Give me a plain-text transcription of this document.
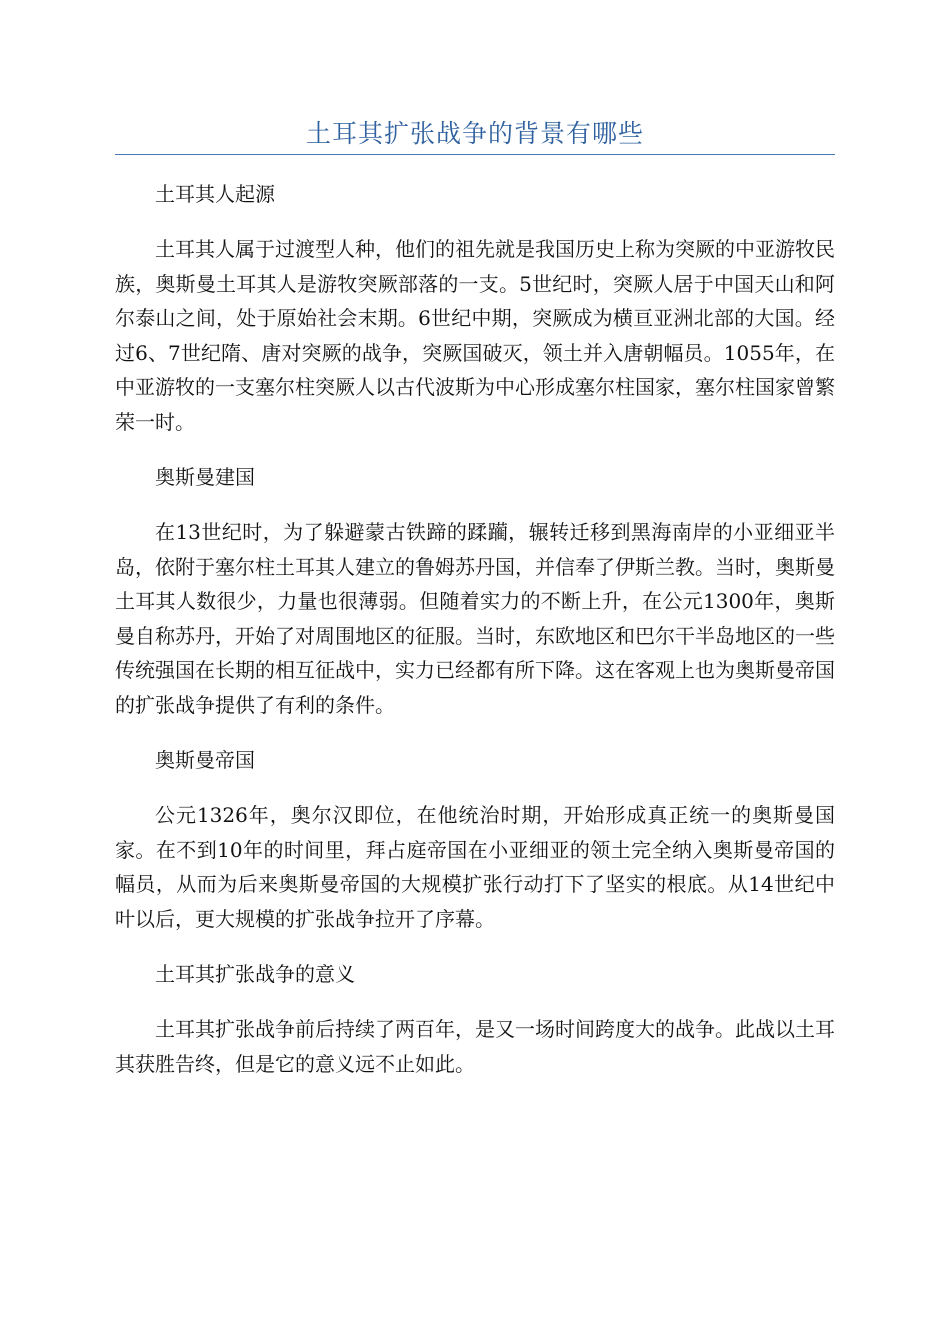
土耳其扩张战争的背景有哪些
土耳其人起源

土耳其人属于过渡型人种，他们的祖先就是我国历史上称为突厥的中亚游牧民族，奥斯曼土耳其人是游牧突厥部落的一支。5世纪时，突厥人居于中国天山和阿尔泰山之间，处于原始社会末期。6世纪中期，突厥成为横亘亚洲北部的大国。经过6、7世纪隋、唐对突厥的战争，突厥国破灭，领土并入唐朝幅员。1055年，在中亚游牧的一支塞尔柱突厥人以古代波斯为中心形成塞尔柱国家，塞尔柱国家曾繁荣一时。

奥斯曼建国

在13世纪时，为了躲避蒙古铁蹄的蹂躏，辗转迁移到黑海南岸的小亚细亚半岛，依附于塞尔柱土耳其人建立的鲁姆苏丹国，并信奉了伊斯兰教。当时，奥斯曼土耳其人数很少，力量也很薄弱。但随着实力的不断上升，在公元1300年，奥斯曼自称苏丹，开始了对周围地区的征服。当时，东欧地区和巴尔干半岛地区的一些传统强国在长期的相互征战中，实力已经都有所下降。这在客观上也为奥斯曼帝国的扩张战争提供了有利的条件。

奥斯曼帝国

公元1326年，奥尔汉即位，在他统治时期，开始形成真正统一的奥斯曼国家。在不到10年的时间里，拜占庭帝国在小亚细亚的领土完全纳入奥斯曼帝国的幅员，从而为后来奥斯曼帝国的大规模扩张行动打下了坚实的根底。从14世纪中叶以后，更大规模的扩张战争拉开了序幕。

土耳其扩张战争的意义

土耳其扩张战争前后持续了两百年，是又一场时间跨度大的战争。此战以土耳其获胜告终，但是它的意义远不止如此。
